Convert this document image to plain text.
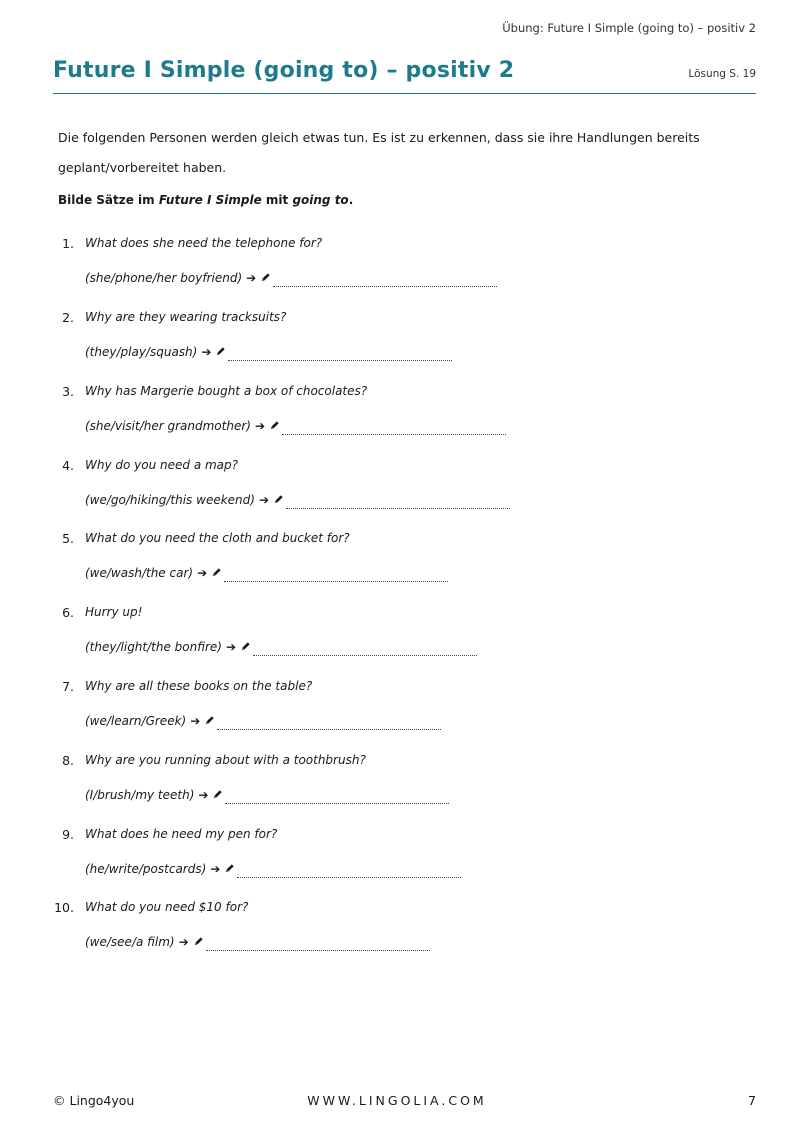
Übung: Future I Simple (going to) – positiv 2
Future I Simple (going to) – positiv 2	Lösung S. 19
Die folgenden Personen werden gleich etwas tun. Es ist zu erkennen, dass sie ihre Handlungen bereits geplant/vorbereitet haben.
Bilde Sätze im Future I Simple mit going to.
1. What does she need the telephone for?
(she/phone/her boyfriend) ➔
2. Why are they wearing tracksuits?
(they/play/squash) ➔
3. Why has Margerie bought a box of chocolates?
(she/visit/her grandmother) ➔
4. Why do you need a map?
(we/go/hiking/this weekend) ➔
5. What do you need the cloth and bucket for?
(we/wash/the car) ➔
6. Hurry up!
(they/light/the bonfire) ➔
7. Why are all these books on the table?
(we/learn/Greek) ➔
8. Why are you running about with a toothbrush?
(I/brush/my teeth) ➔
9. What does he need my pen for?
(he/write/postcards) ➔
10. What do you need $10 for?
(we/see/a film) ➔
© Lingo4you	WWW.LINGOLIA.COM	7
